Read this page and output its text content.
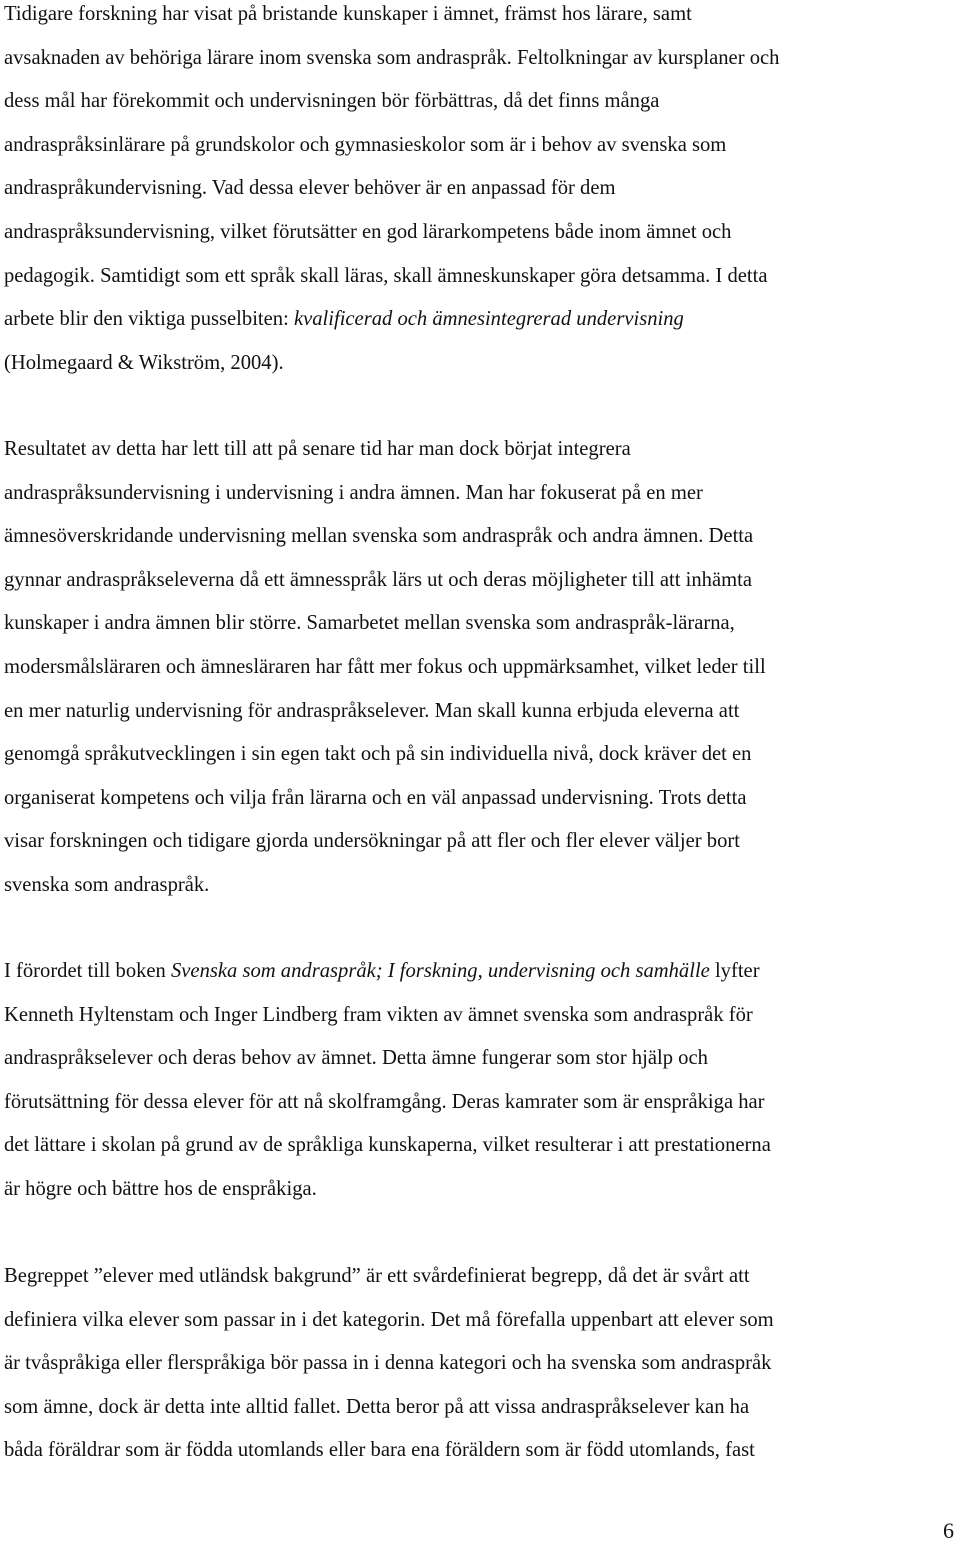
Tidigare forskning har visat på bristande kunskaper i ämnet, främst hos lärare, samt
avsaknaden av behöriga lärare inom svenska som andraspråk. Feltolkningar av kursplaner och
dess mål har förekommit och undervisningen bör förbättras, då det finns många
andraspråksinlärare på grundskolor och gymnasieskolor som är i behov av svenska som
andraspråkundervisning. Vad dessa elever behöver är en anpassad för dem
andraspråksundervisning, vilket förutsätter en god lärarkompetens både inom ämnet och
pedagogik. Samtidigt som ett språk skall läras, skall ämneskunskaper göra detsamma. I detta
arbete blir den viktiga pusselbiten: kvalificerad och ämnesintegrerad undervisning
(Holmegaard & Wikström, 2004).

Resultatet av detta har lett till att på senare tid har man dock börjat integrera
andraspråksundervisning i undervisning i andra ämnen. Man har fokuserat på en mer
ämnesöverskridande undervisning mellan svenska som andraspråk och andra ämnen. Detta
gynnar andraspråkseleverna då ett ämnesspråk lärs ut och deras möjligheter till att inhämta
kunskaper i andra ämnen blir större. Samarbetet mellan svenska som andraspråk-lärarna,
modersmålsläraren och ämnesläraren har fått mer fokus och uppmärksamhet, vilket leder till
en mer naturlig undervisning för andraspråkselever. Man skall kunna erbjuda eleverna att
genomgå språkutvecklingen i sin egen takt och på sin individuella nivå, dock kräver det en
organiserat kompetens och vilja från lärarna och en väl anpassad undervisning. Trots detta
visar forskningen och tidigare gjorda undersökningar på att fler och fler elever väljer bort
svenska som andraspråk.

I förordet till boken Svenska som andraspråk; I forskning, undervisning och samhälle lyfter
Kenneth Hyltenstam och Inger Lindberg fram vikten av ämnet svenska som andraspråk för
andraspråkselever och deras behov av ämnet. Detta ämne fungerar som stor hjälp och
förutsättning för dessa elever för att nå skolframgång. Deras kamrater som är enspråkiga har
det lättare i skolan på grund av de språkliga kunskaperna, vilket resulterar i att prestationerna
är högre och bättre hos de enspråkiga.

Begreppet ”elever med utländsk bakgrund” är ett svårdefinierat begrepp, då det är svårt att
definiera vilka elever som passar in i det kategorin. Det må förefalla uppenbart att elever som
är tvåspråkiga eller flerspråkiga bör passa in i denna kategori och ha svenska som andraspråk
som ämne, dock är detta inte alltid fallet. Detta beror på att vissa andraspråkselever kan ha
båda föräldrar som är födda utomlands eller bara ena föräldern som är född utomlands, fast

6
